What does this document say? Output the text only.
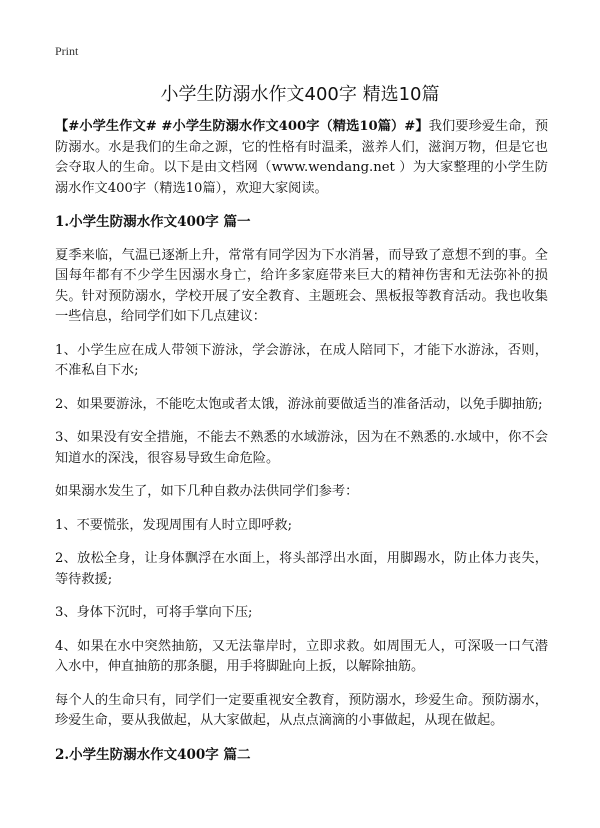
Print
小学生防溺水作文400字 精选10篇

【#小学生作文# #小学生防溺水作文400字（精选10篇）#】我们要珍爱生命，预防溺水。水是我们的生命之源，它的性格有时温柔，滋养人们，滋润万物，但是它也会夺取人的生命。以下是由文档网（www.wendang.net ）为大家整理的小学生防溺水作文400字（精选10篇），欢迎大家阅读。

1.小学生防溺水作文400字 篇一

夏季来临，气温已逐渐上升，常常有同学因为下水消暑，而导致了意想不到的事。全国每年都有不少学生因溺水身亡，给许多家庭带来巨大的精神伤害和无法弥补的损失。针对预防溺水，学校开展了安全教育、主题班会、黑板报等教育活动。我也收集一些信息，给同学们如下几点建议：

1、小学生应在成人带领下游泳，学会游泳，在成人陪同下，才能下水游泳，否则，不准私自下水;

2、如果要游泳，不能吃太饱或者太饿，游泳前要做适当的准备活动，以免手脚抽筋;

3、如果没有安全措施，不能去不熟悉的水域游泳，因为在不熟悉的.水域中，你不会知道水的深浅，很容易导致生命危险。

如果溺水发生了，如下几种自救办法供同学们参考：

1、不要慌张，发现周围有人时立即呼救;

2、放松全身，让身体飘浮在水面上，将头部浮出水面，用脚踢水，防止体力丧失，等待救援;

3、身体下沉时，可将手掌向下压;

4、如果在水中突然抽筋，又无法靠岸时，立即求救。如周围无人，可深吸一口气潜入水中，伸直抽筋的那条腿，用手将脚趾向上扳，以解除抽筋。

每个人的生命只有，同学们一定要重视安全教育，预防溺水，珍爱生命。预防溺水，珍爱生命，要从我做起，从大家做起，从点点滴滴的小事做起，从现在做起。

2.小学生防溺水作文400字 篇二
